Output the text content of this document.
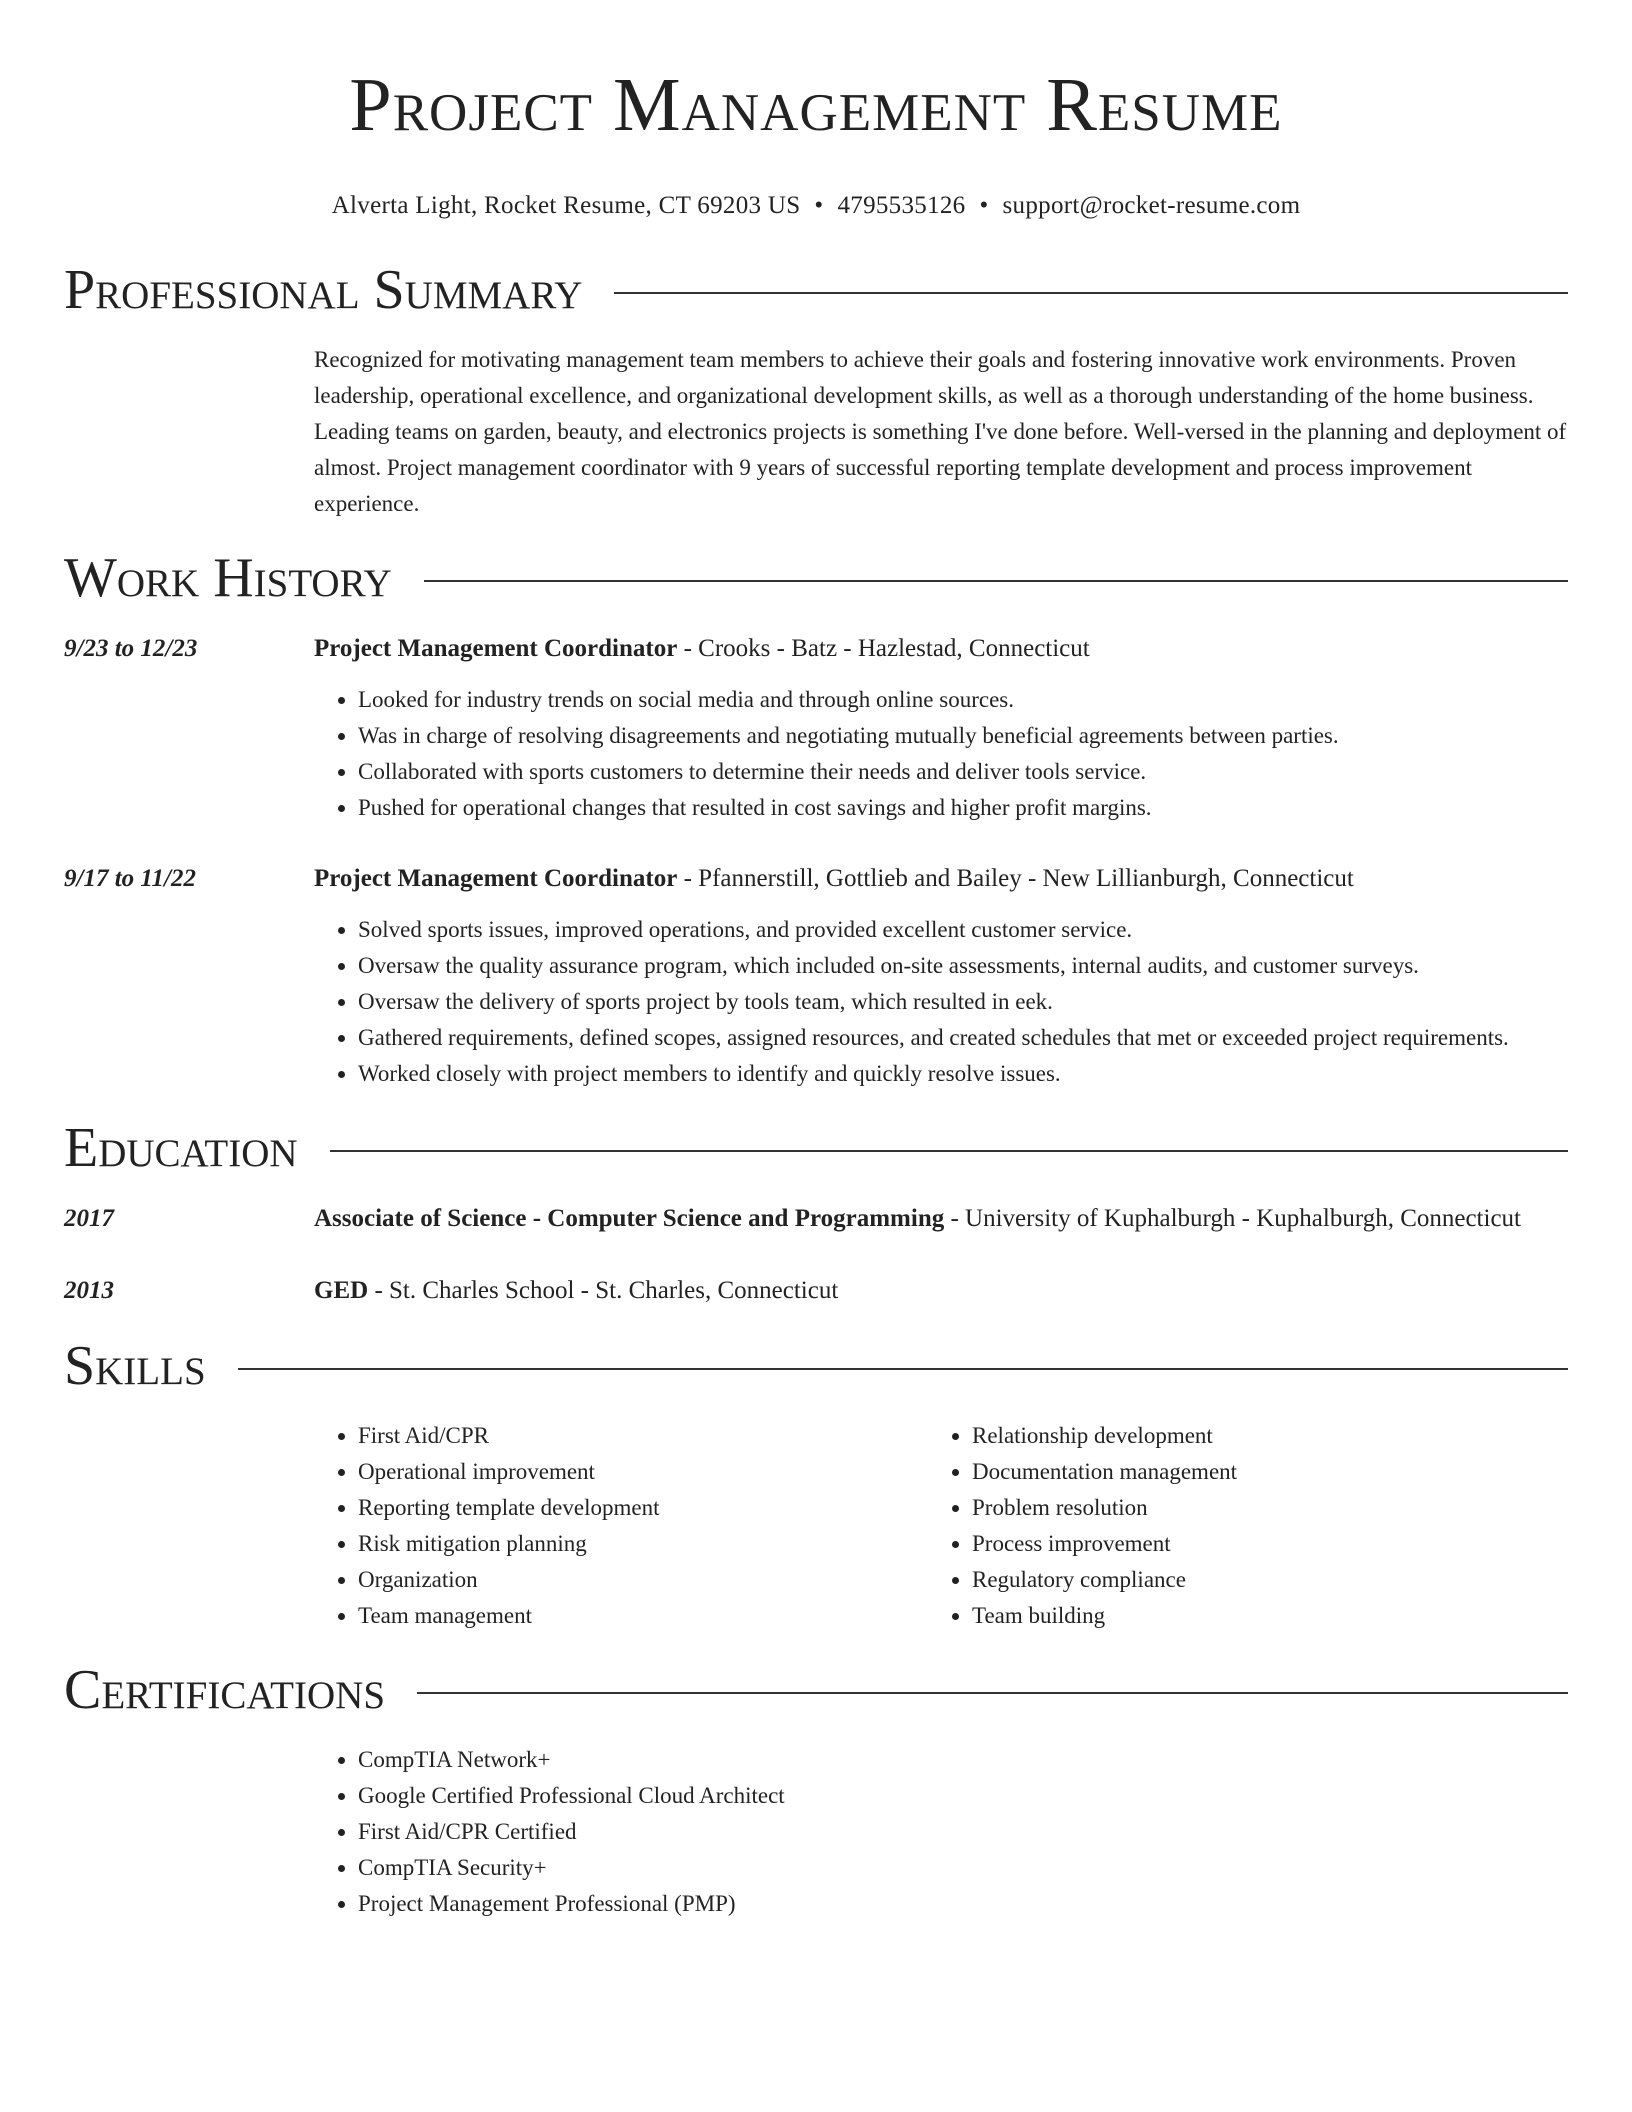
Project Management Resume
Alverta Light, Rocket Resume, CT 69203 US • 4795535126 • support@rocket-resume.com
Professional Summary
Recognized for motivating management team members to achieve their goals and fostering innovative work environments. Proven leadership, operational excellence, and organizational development skills, as well as a thorough understanding of the home business. Leading teams on garden, beauty, and electronics projects is something I've done before. Well-versed in the planning and deployment of almost. Project management coordinator with 9 years of successful reporting template development and process improvement experience.
Work History
9/23 to 12/23	Project Management Coordinator - Crooks - Batz - Hazlestad, Connecticut
• Looked for industry trends on social media and through online sources.
• Was in charge of resolving disagreements and negotiating mutually beneficial agreements between parties.
• Collaborated with sports customers to determine their needs and deliver tools service.
• Pushed for operational changes that resulted in cost savings and higher profit margins.
9/17 to 11/22	Project Management Coordinator - Pfannerstill, Gottlieb and Bailey - New Lillianburgh, Connecticut
• Solved sports issues, improved operations, and provided excellent customer service.
• Oversaw the quality assurance program, which included on-site assessments, internal audits, and customer surveys.
• Oversaw the delivery of sports project by tools team, which resulted in eek.
• Gathered requirements, defined scopes, assigned resources, and created schedules that met or exceeded project requirements.
• Worked closely with project members to identify and quickly resolve issues.
Education
2017	Associate of Science - Computer Science and Programming - University of Kuphalburgh - Kuphalburgh, Connecticut
2013	GED - St. Charles School - St. Charles, Connecticut
Skills
• First Aid/CPR
• Operational improvement
• Reporting template development
• Risk mitigation planning
• Organization
• Team management
• Relationship development
• Documentation management
• Problem resolution
• Process improvement
• Regulatory compliance
• Team building
Certifications
• CompTIA Network+
• Google Certified Professional Cloud Architect
• First Aid/CPR Certified
• CompTIA Security+
• Project Management Professional (PMP)
